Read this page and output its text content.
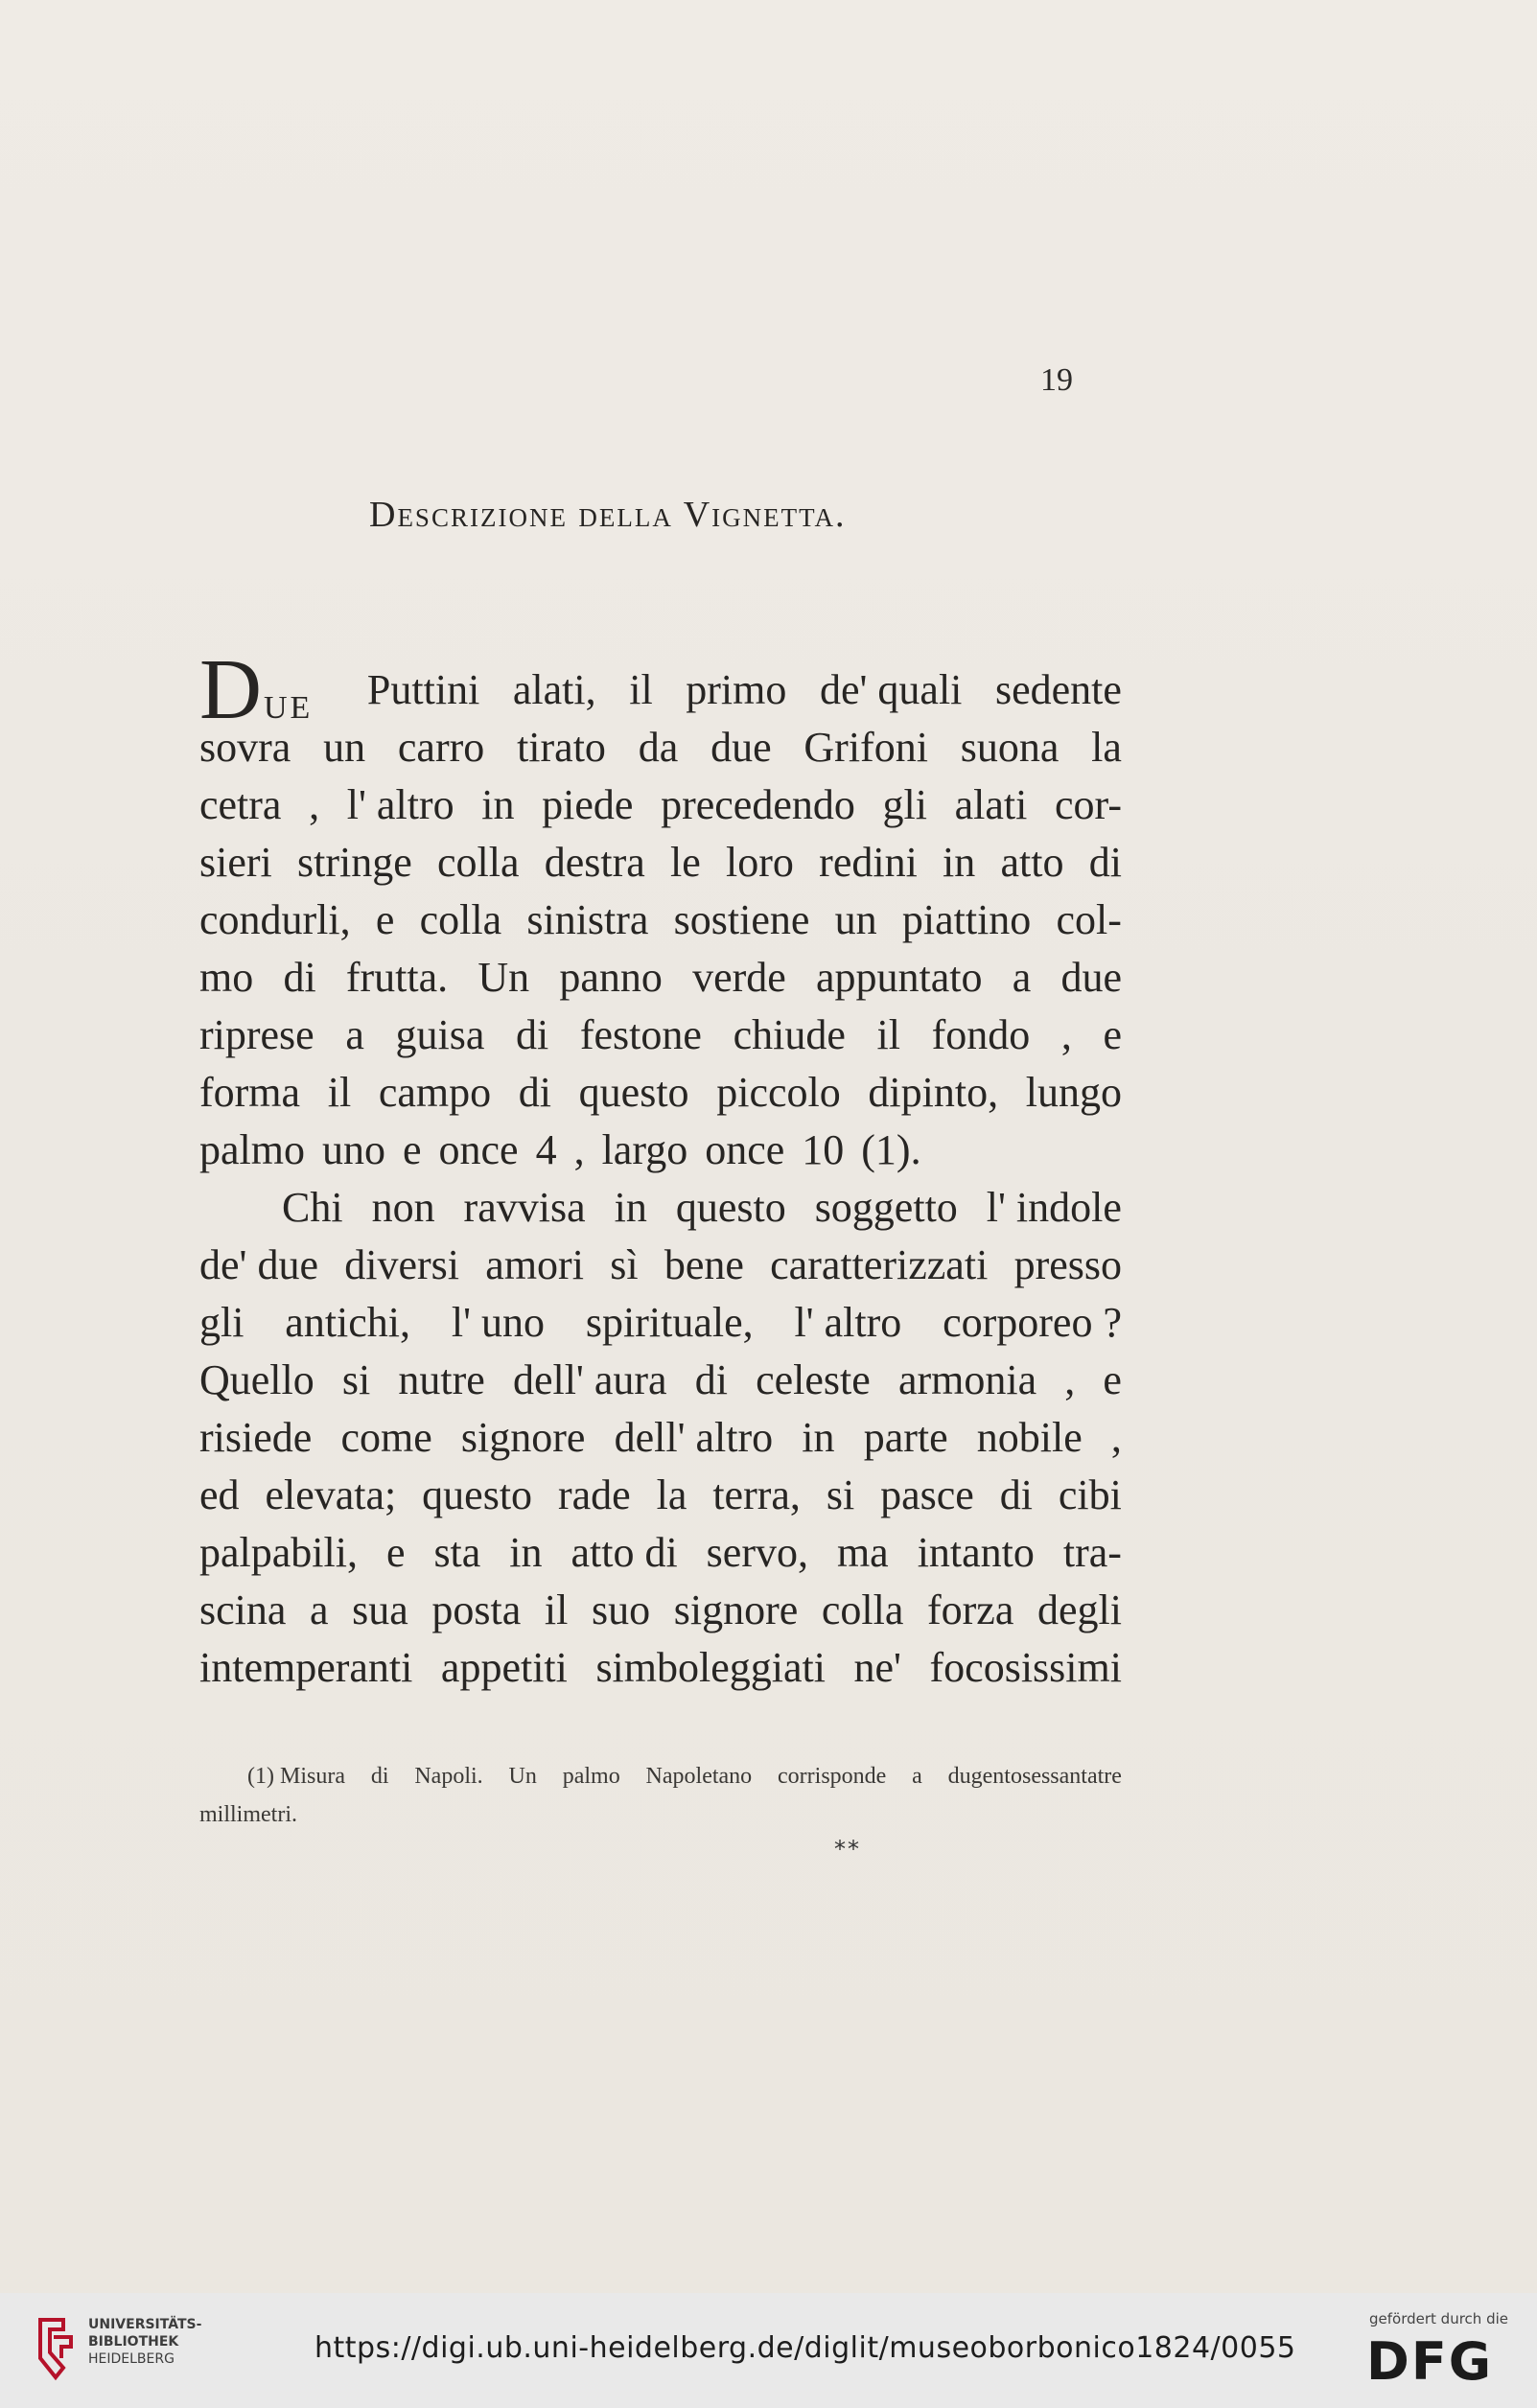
19
Descrizione della Vignetta.
DUE	Puttini alati, il primo de' quali sedente
sovra un carro tirato da due Grifoni suona la
cetra , l' altro in piede precedendo gli alati cor-
sieri stringe colla destra le loro redini in atto di
condurli, e colla sinistra sostiene un piattino col-
mo di frutta. Un panno verde appuntato a due
riprese a guisa di festone chiude il fondo , e
forma il campo di questo piccolo dipinto, lungo
palmo uno e once 4 , largo once 10 (1).
Chi non ravvisa in questo soggetto l' indole
de' due diversi amori sì bene caratterizzati presso
gli antichi, l' uno spirituale, l' altro corporeo ?
Quello si nutre dell' aura di celeste armonia , e
risiede come signore dell' altro in parte nobile ,
ed elevata; questo rade la terra, si pasce di cibi
palpabili, e sta in atto di servo, ma intanto tra-
scina a sua posta il suo signore colla forza degli
intemperanti appetiti simboleggiati ne' focosissimi
(1) Misura di Napoli. Un palmo Napoletano corrisponde a dugentosessantatre
millimetri.
**
UNIVERSITÄTS-
BIBLIOTHEK
HEIDELBERG	https://digi.ub.uni-heidelberg.de/diglit/museoborbonico1824/0055
gefördert durch die
DFG
